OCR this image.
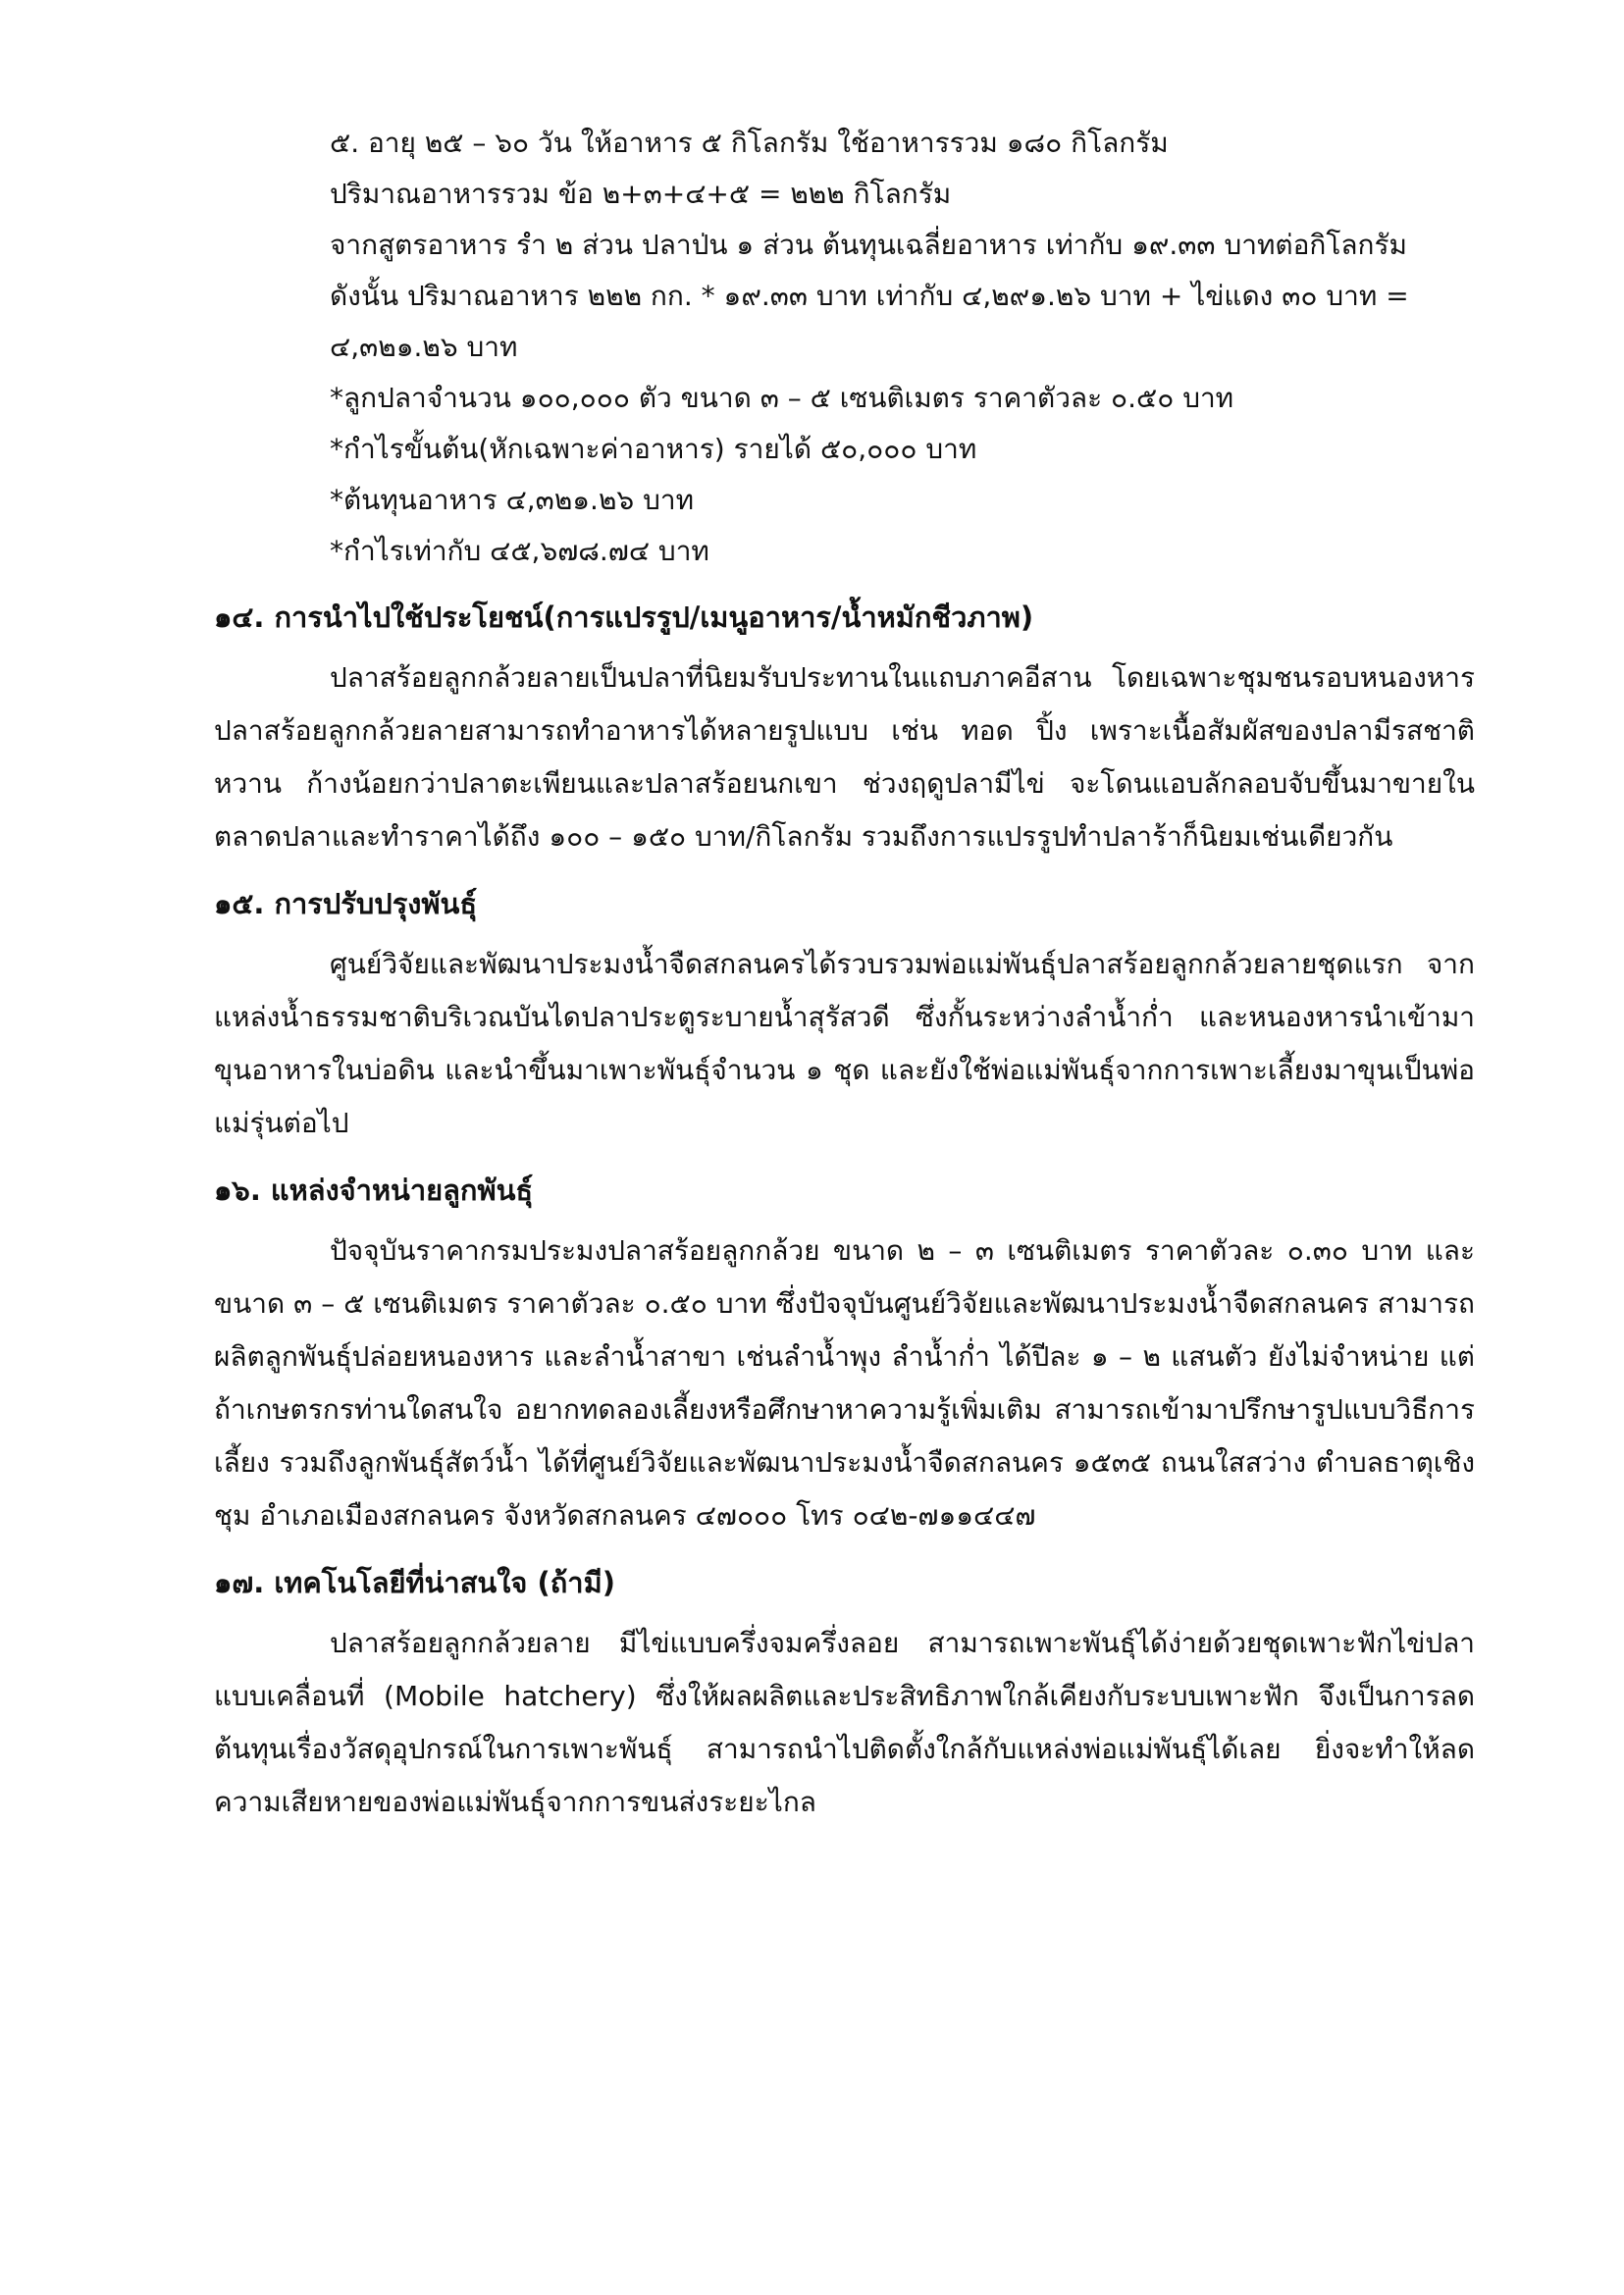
๕. อายุ ๒๕ – ๖๐ วัน ให้อาหาร ๕ กิโลกรัม ใช้อาหารรวม ๑๘๐ กิโลกรัม
ปริมาณอาหารรวม ข้อ ๒+๓+๔+๕ = ๒๒๒ กิโลกรัม
จากสูตรอาหาร รำ ๒ ส่วน ปลาป่น ๑ ส่วน ต้นทุนเฉลี่ยอาหาร เท่ากับ ๑๙.๓๓ บาทต่อกิโลกรัม
ดังนั้น ปริมาณอาหาร ๒๒๒ กก. * ๑๙.๓๓ บาท เท่ากับ ๔,๒๙๑.๒๖ บาท + ไข่แดง ๓๐ บาท =
๔,๓๒๑.๒๖ บาท
*ลูกปลาจำนวน ๑๐๐,๐๐๐ ตัว ขนาด ๓ – ๕ เซนติเมตร ราคาตัวละ ๐.๕๐ บาท
*กำไรขั้นต้น(หักเฉพาะค่าอาหาร) รายได้ ๕๐,๐๐๐ บาท
*ต้นทุนอาหาร ๔,๓๒๑.๒๖ บาท
*กำไรเท่ากับ ๔๕,๖๗๘.๗๔ บาท
๑๔. การนำไปใช้ประโยชน์(การแปรรูป/เมนูอาหาร/น้ำหมักชีวภาพ)

ปลาสร้อยลูกกล้วยลายเป็นปลาที่นิยมรับประทานในแถบภาคอีสาน โดยเฉพาะชุมชนรอบหนองหาร ปลาสร้อยลูกกล้วยลายสามารถทำอาหารได้หลายรูปแบบ เช่น ทอด ปิ้ง เพราะเนื้อสัมผัสของปลามีรสชาติหวาน ก้างน้อยกว่าปลาตะเพียนและปลาสร้อยนกเขา ช่วงฤดูปลามีไข่ จะโดนแอบลักลอบจับขึ้นมาขายในตลาดปลาและทำราคาได้ถึง ๑๐๐ – ๑๕๐ บาท/กิโลกรัม รวมถึงการแปรรูปทำปลาร้าก็นิยมเช่นเดียวกัน

๑๕. การปรับปรุงพันธุ์

ศูนย์วิจัยและพัฒนาประมงน้ำจืดสกลนครได้รวบรวมพ่อแม่พันธุ์ปลาสร้อยลูกกล้วยลายชุดแรก จากแหล่งน้ำธรรมชาติบริเวณบันไดปลาประตูระบายน้ำสุรัสวดี ซึ่งกั้นระหว่างลำน้ำก่ำ และหนองหารนำเข้ามาขุนอาหารในบ่อดิน และนำขึ้นมาเพาะพันธุ์จำนวน ๑ ชุด และยังใช้พ่อแม่พันธุ์จากการเพาะเลี้ยงมาขุนเป็นพ่อแม่รุ่นต่อไป

๑๖. แหล่งจำหน่ายลูกพันธุ์

ปัจจุบันราคากรมประมงปลาสร้อยลูกกล้วย ขนาด ๒ – ๓ เซนติเมตร ราคาตัวละ ๐.๓๐ บาท และขนาด ๓ – ๕ เซนติเมตร ราคาตัวละ ๐.๕๐ บาท ซึ่งปัจจุบันศูนย์วิจัยและพัฒนาประมงน้ำจืดสกลนคร สามารถผลิตลูกพันธุ์ปล่อยหนองหาร และลำน้ำสาขา เช่นลำน้ำพุง ลำน้ำก่ำ ได้ปีละ ๑ – ๒ แสนตัว ยังไม่จำหน่าย แต่ถ้าเกษตรกรท่านใดสนใจ อยากทดลองเลี้ยงหรือศึกษาหาความรู้เพิ่มเติม สามารถเข้ามาปรึกษารูปแบบวิธีการเลี้ยง รวมถึงลูกพันธุ์สัตว์น้ำ ได้ที่ศูนย์วิจัยและพัฒนาประมงน้ำจืดสกลนคร ๑๕๓๕ ถนนใสสว่าง ตำบลธาตุเชิงชุม อำเภอเมืองสกลนคร จังหวัดสกลนคร ๔๗๐๐๐ โทร ๐๔๒-๗๑๑๔๔๗

๑๗. เทคโนโลยีที่น่าสนใจ (ถ้ามี)

ปลาสร้อยลูกกล้วยลาย มีไข่แบบครึ่งจมครึ่งลอย สามารถเพาะพันธุ์ได้ง่ายด้วยชุดเพาะฟักไข่ปลาแบบเคลื่อนที่ (Mobile hatchery) ซึ่งให้ผลผลิตและประสิทธิภาพใกล้เคียงกับระบบเพาะฟัก จึงเป็นการลดต้นทุนเรื่องวัสดุอุปกรณ์ในการเพาะพันธุ์ สามารถนำไปติดตั้งใกล้กับแหล่งพ่อแม่พันธุ์ได้เลย ยิ่งจะทำให้ลดความเสียหายของพ่อแม่พันธุ์จากการขนส่งระยะไกล
